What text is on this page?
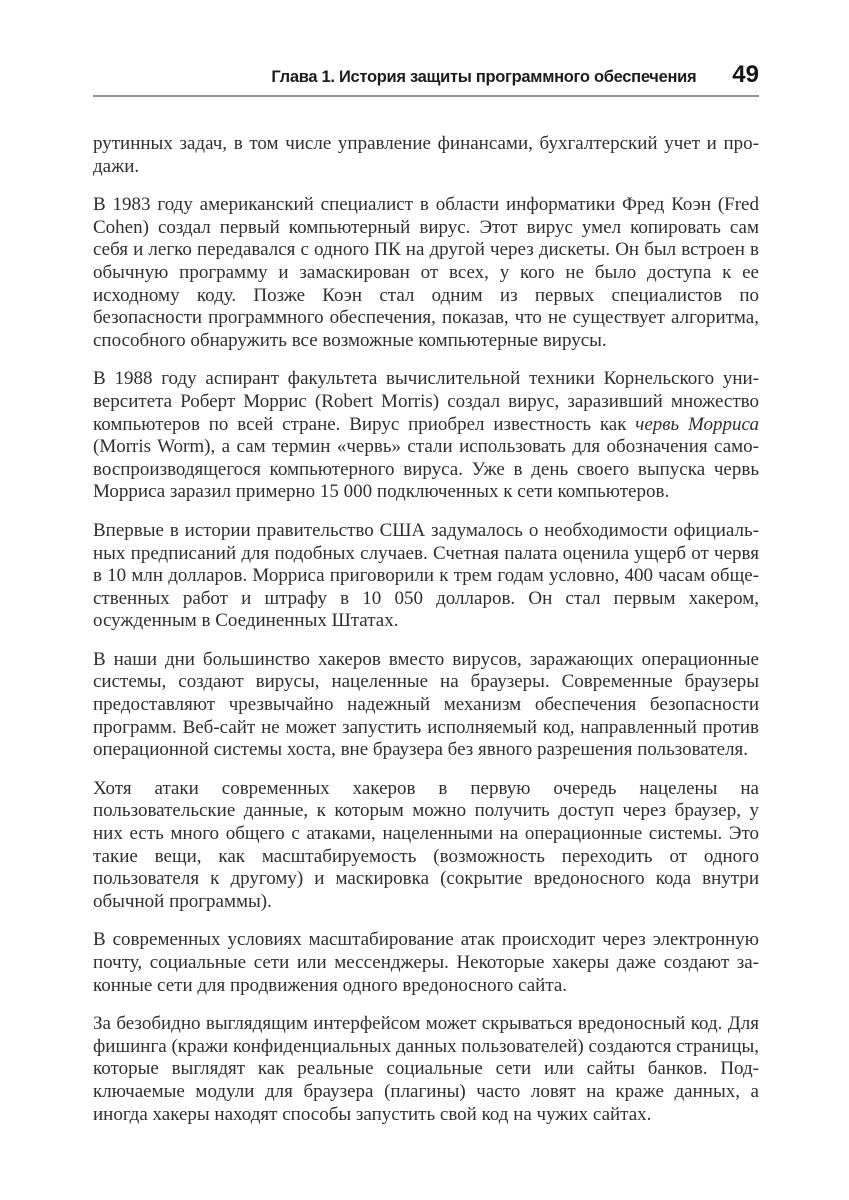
Глава 1. История защиты программного обеспечения 49

рутинных задач, в том числе управление финансами, бухгалтерский учет и продажи.

В 1983 году американский специалист в области информатики Фред Коэн (Fred Cohen) создал первый компьютерный вирус. Этот вирус умел копировать сам себя и легко передавался с одного ПК на другой через дискеты. Он был встроен в обычную программу и замаскирован от всех, у кого не было доступа к ее исходному коду. Позже Коэн стал одним из первых специалистов по безопасности программного обеспечения, показав, что не существует алгоритма, способного обнаружить все возможные компьютерные вирусы.

В 1988 году аспирант факультета вычислительной техники Корнельского университета Роберт Моррис (Robert Morris) создал вирус, заразивший множество компьютеров по всей стране. Вирус приобрел известность как червь Морриса (Morris Worm), а сам термин «червь» стали использовать для обозначения самовоспроизводящегося компьютерного вируса. Уже в день своего выпуска червь Морриса заразил примерно 15 000 подключенных к сети компьютеров.

Впервые в истории правительство США задумалось о необходимости официальных предписаний для подобных случаев. Счетная палата оценила ущерб от червя в 10 млн долларов. Морриса приговорили к трем годам условно, 400 часам общественных работ и штрафу в 10 050 долларов. Он стал первым хакером, осужденным в Соединенных Штатах.

В наши дни большинство хакеров вместо вирусов, заражающих операционные системы, создают вирусы, нацеленные на браузеры. Современные браузеры предоставляют чрезвычайно надежный механизм обеспечения безопасности программ. Веб-сайт не может запустить исполняемый код, направленный против операционной системы хоста, вне браузера без явного разрешения пользователя.

Хотя атаки современных хакеров в первую очередь нацелены на пользовательские данные, к которым можно получить доступ через браузер, у них есть много общего с атаками, нацеленными на операционные системы. Это такие вещи, как масштабируемость (возможность переходить от одного пользователя к другому) и маскировка (сокрытие вредоносного кода внутри обычной программы).

В современных условиях масштабирование атак происходит через электронную почту, социальные сети или мессенджеры. Некоторые хакеры даже создают законные сети для продвижения одного вредоносного сайта.

За безобидно выглядящим интерфейсом может скрываться вредоносный код. Для фишинга (кражи конфиденциальных данных пользователей) создаются страницы, которые выглядят как реальные социальные сети или сайты банков. Подключаемые модули для браузера (плагины) часто ловят на краже данных, а иногда хакеры находят способы запустить свой код на чужих сайтах.
